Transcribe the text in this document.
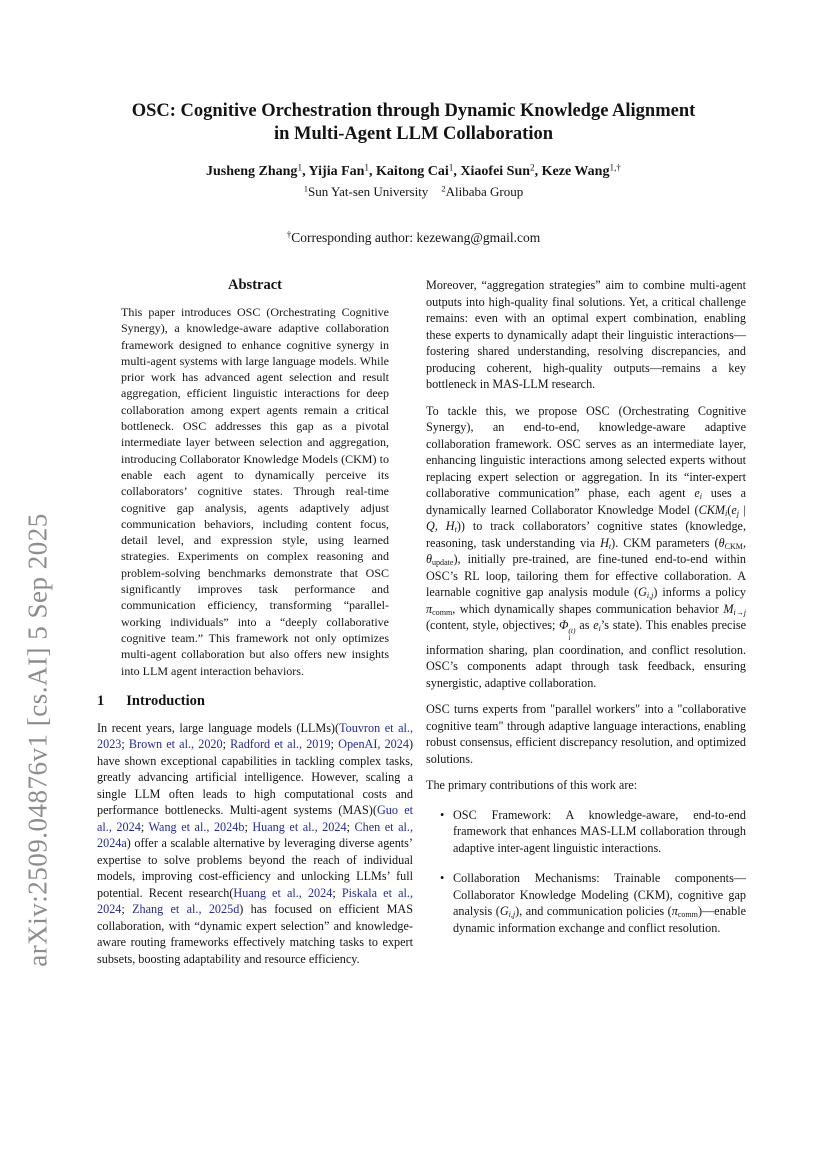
arXiv:2509.04876v1 [cs.AI] 5 Sep 2025
OSC: Cognitive Orchestration through Dynamic Knowledge Alignment
in Multi-Agent LLM Collaboration
Jusheng Zhang$^1$, Yijia Fan$^1$, Kaitong Cai$^1$, Xiaofei Sun$^2$, Keze Wang$^{1,\dagger}$
$^1$Sun Yat-sen University    $^2$Alibaba Group
†Corresponding author: kezewang@gmail.com
Abstract
This paper introduces OSC (Orchestrating Cognitive Synergy), a knowledge-aware adaptive collaboration framework designed to enhance cognitive synergy in multi-agent systems with large language models. While prior work has advanced agent selection and result aggregation, efficient linguistic interactions for deep collaboration among expert agents remain a critical bottleneck. OSC addresses this gap as a pivotal intermediate layer between selection and aggregation, introducing Collaborator Knowledge Models (CKM) to enable each agent to dynamically perceive its collaborators’ cognitive states. Through real-time cognitive gap analysis, agents adaptively adjust communication behaviors, including content focus, detail level, and expression style, using learned strategies. Experiments on complex reasoning and problem-solving benchmarks demonstrate that OSC significantly improves task performance and communication efficiency, transforming “parallel-working individuals” into a “deeply collaborative cognitive team.” This framework not only optimizes multi-agent collaboration but also offers new insights into LLM agent interaction behaviors.
1 Introduction

In recent years, large language models (LLMs)(Touvron et al., 2023; Brown et al., 2020; Radford et al., 2019; OpenAI, 2024) have shown exceptional capabilities in tackling complex tasks, greatly advancing artificial intelligence. However, scaling a single LLM often leads to high computational costs and performance bottlenecks. Multi-agent systems (MAS)(Guo et al., 2024; Wang et al., 2024b; Huang et al., 2024; Chen et al., 2024a) offer a scalable alternative by leveraging diverse agents’ expertise to solve problems beyond the reach of individual models, improving cost-efficiency and unlocking LLMs’ full potential. Recent research(Huang et al., 2024; Piskala et al., 2024; Zhang et al., 2025d) has focused on efficient MAS collaboration, with “dynamic expert selection” and knowledge-aware routing frameworks effectively matching tasks to expert subsets, boosting adaptability and resource efficiency.

Moreover, “aggregation strategies” aim to combine multi-agent outputs into high-quality final solutions. Yet, a critical challenge remains: even with an optimal expert combination, enabling these experts to dynamically adapt their linguistic interactions—fostering shared understanding, resolving discrepancies, and producing coherent, high-quality outputs—remains a key bottleneck in MAS-LLM research.

To tackle this, we propose OSC (Orchestrating Cognitive Synergy), an end-to-end, knowledge-aware adaptive collaboration framework. OSC serves as an intermediate layer, enhancing linguistic interactions among selected experts without replacing expert selection or aggregation. In its “inter-expert collaborative communication” phase, each agent $e_i$ uses a dynamically learned Collaborator Knowledge Model ($CKM_i(e_j$ | Q, $H_t$)) to track collaborators’ cognitive states (knowledge, reasoning, task understanding via $H_t$). CKM parameters ($\theta_{CKM}$, $\theta_{update}$), initially pre-trained, are fine-tuned end-to-end within OSC’s RL loop, tailoring them for effective collaboration. A learnable cognitive gap analysis module $(G_{i,j})$ informs a policy $\pi_{comm}$, which dynamically shapes communication behavior $M_{i\to j}$ (content, style, objectives; Φ (t)
i
as $e_i’s$ state). This enables precise information sharing, plan coordination, and conflict resolution. OSC’s components adapt through task feedback, ensuring synergistic, adaptive collaboration.

OSC turns experts from "parallel workers" into a "collaborative cognitive team" through adaptive language interactions, enabling robust consensus, efficient discrepancy resolution, and optimized solutions.

The primary contributions of this work are:

• OSC Framework: A knowledge-aware, end-to-end framework that enhances MAS-LLM collaboration through adaptive inter-agent linguistic interactions.
• Collaboration Mechanisms: Trainable components—Collaborator Knowledge Modeling (CKM), cognitive gap analysis $(G_{i,j})$, and communication policies $(\pi_{comm})—enable$ dynamic information exchange and conflict resolution.
